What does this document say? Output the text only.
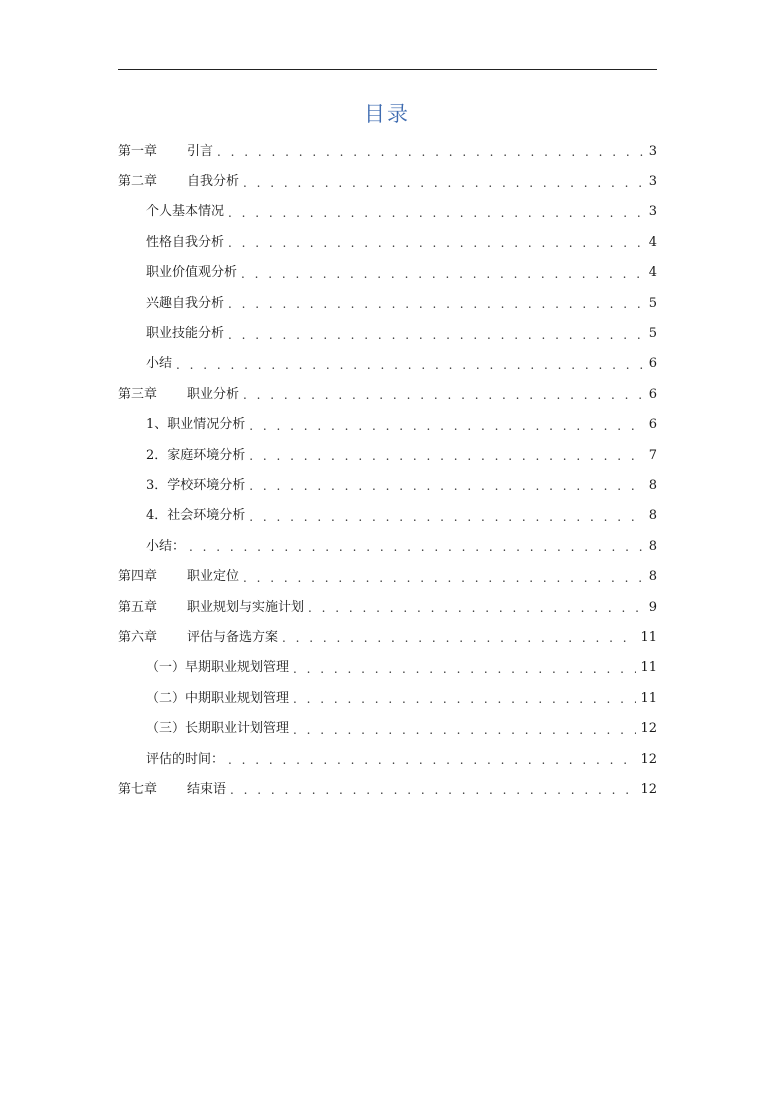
目录
第一章	引言 . . .	3
第二章	自我分析 . . .	3
个人基本情况 . . .	3
性格自我分析 . . .	4
职业价值观分析 . . .	4
兴趣自我分析 . . .	5
职业技能分析 . . .	5
小结 . . .	6
第三章	职业分析 . . .	6
1、职业情况分析 . . .	6
2．家庭环境分析 . . .	7
3．学校环境分析 . . .	8
4．社会环境分析 . . .	8
小结： . . .	8
第四章	职业定位 . . .	8
第五章	职业规划与实施计划 . . .	9
第六章	评估与备选方案 . . .	11
（一）早期职业规划管理 . . .	11
（二）中期职业规划管理 . . .	11
（三）长期职业计划管理 . . .	12
评估的时间： . . .	12
第七章	结束语 . . .	12
